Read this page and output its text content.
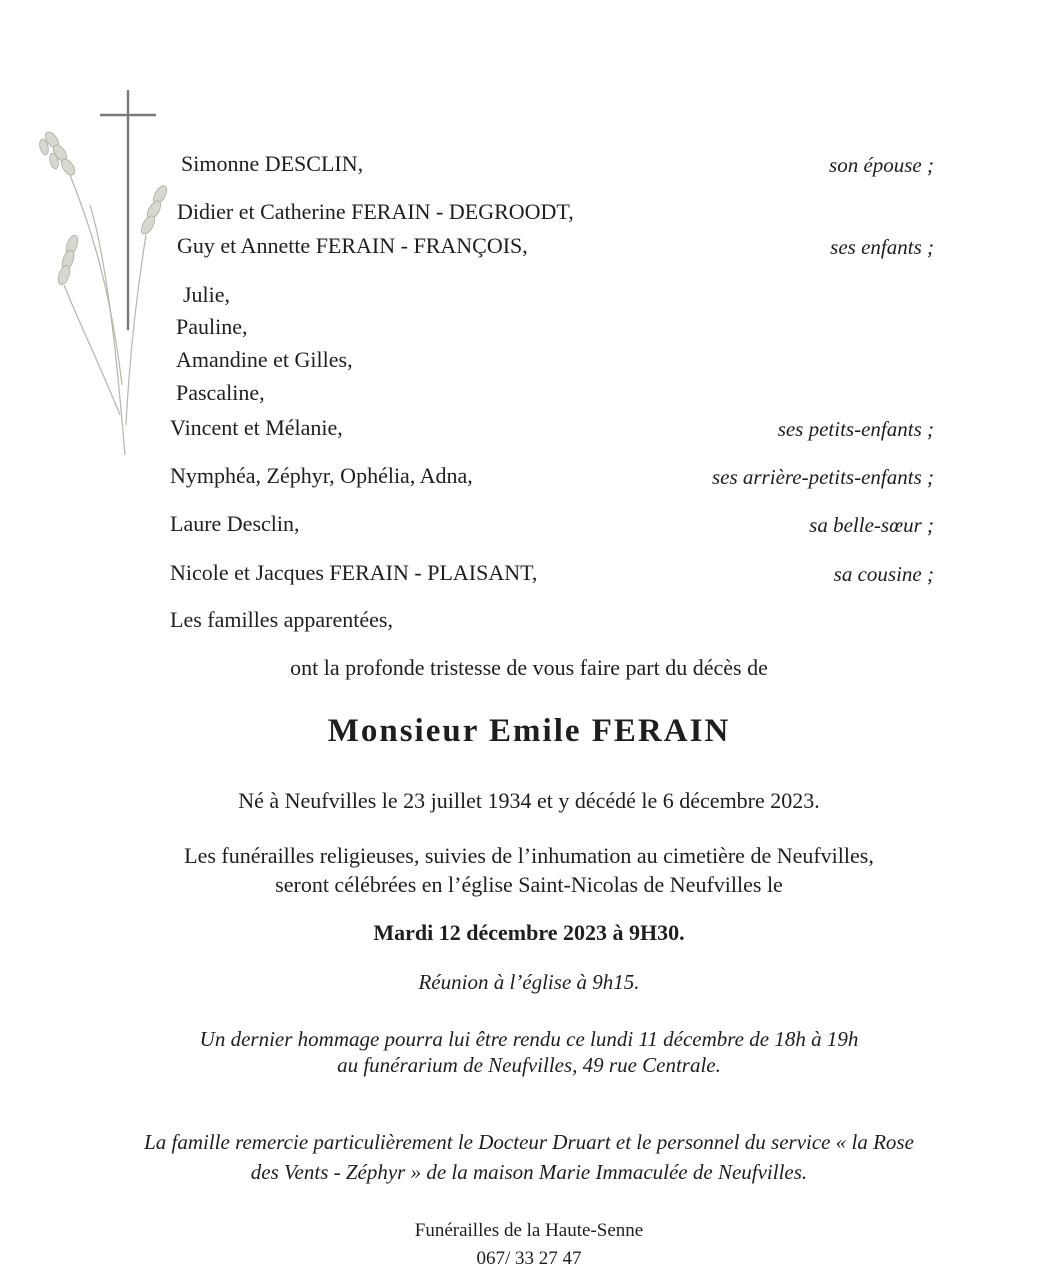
Simonne DESCLIN,	son épouse ;
Didier et Catherine FERAIN - DEGROODT,
Guy et Annette FERAIN - FRANÇOIS,	ses enfants ;
Julie,
Pauline,
Amandine et Gilles,
Pascaline,
Vincent et Mélanie,	ses petits-enfants ;
Nymphéa, Zéphyr, Ophélia, Adna,	ses arrière-petits-enfants ;
Laure Desclin,	sa belle-sœur ;
Nicole et Jacques FERAIN - PLAISANT,	sa cousine ;
Les familles apparentées,
ont la profonde tristesse de vous faire part du décès de
Monsieur Emile FERAIN
Né à Neufvilles le 23 juillet 1934 et y décédé le 6 décembre 2023.
Les funérailles religieuses, suivies de l’inhumation au cimetière de Neufvilles,
seront célébrées en l’église Saint-Nicolas de Neufvilles le
Mardi 12 décembre 2023 à 9H30.
Réunion à l’église à 9h15.
Un dernier hommage pourra lui être rendu ce lundi 11 décembre de 18h à 19h
au funérarium de Neufvilles, 49 rue Centrale.
La famille remercie particulièrement le Docteur Druart et le personnel du service « la Rose
des Vents - Zéphyr » de la maison Marie Immaculée de Neufvilles.
Funérailles de la Haute-Senne
067/ 33 27 47
